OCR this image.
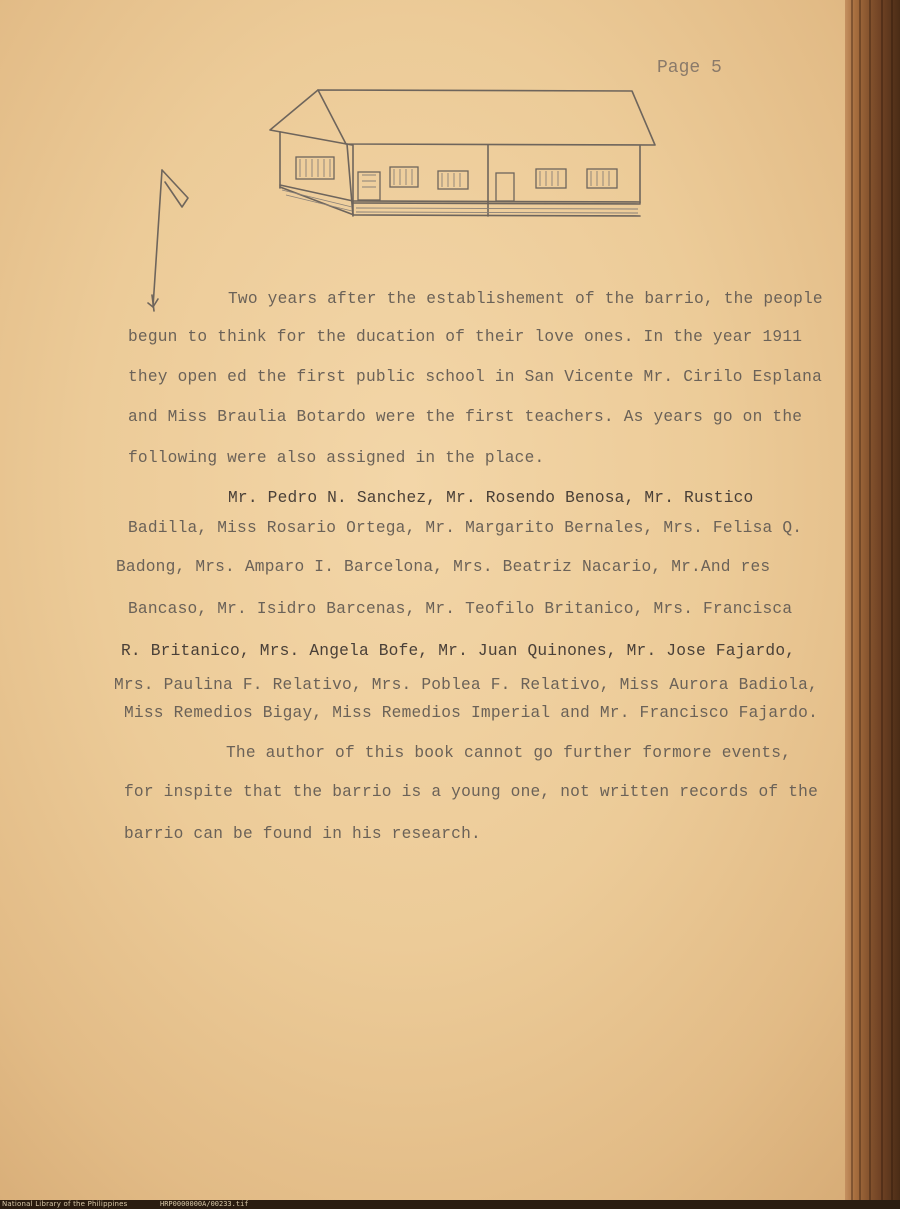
Page 5
Two years after the establishement of the barrio, the people
begun to think for the ducation of their love ones. In the year 1911
they open ed the first public school in San Vicente Mr. Cirilo Esplana
and Miss Braulia Botardo were the first teachers. As years go on the
following were also assigned in the place.
Mr. Pedro N. Sanchez, Mr. Rosendo Benosa, Mr. Rustico
Badilla, Miss Rosario Ortega, Mr. Margarito Bernales, Mrs. Felisa Q.
Badong, Mrs. Amparo I. Barcelona, Mrs. Beatriz Nacario, Mr.And res
Bancaso, Mr. Isidro Barcenas, Mr. Teofilo Britanico, Mrs. Francisca
R. Britanico, Mrs. Angela Bofe, Mr. Juan Quinones, Mr. Jose Fajardo,
Mrs. Paulina F. Relativo, Mrs. Poblea F. Relativo, Miss Aurora Badiola,
Miss Remedios Bigay, Miss Remedios Imperial and Mr. Francisco Fajardo.
The author of this book cannot go further formore events,
for inspite that the barrio is a young one, not written records of the
barrio can be found in his research.
National Library of the Philippines	HRP0000000A/00233.tif
